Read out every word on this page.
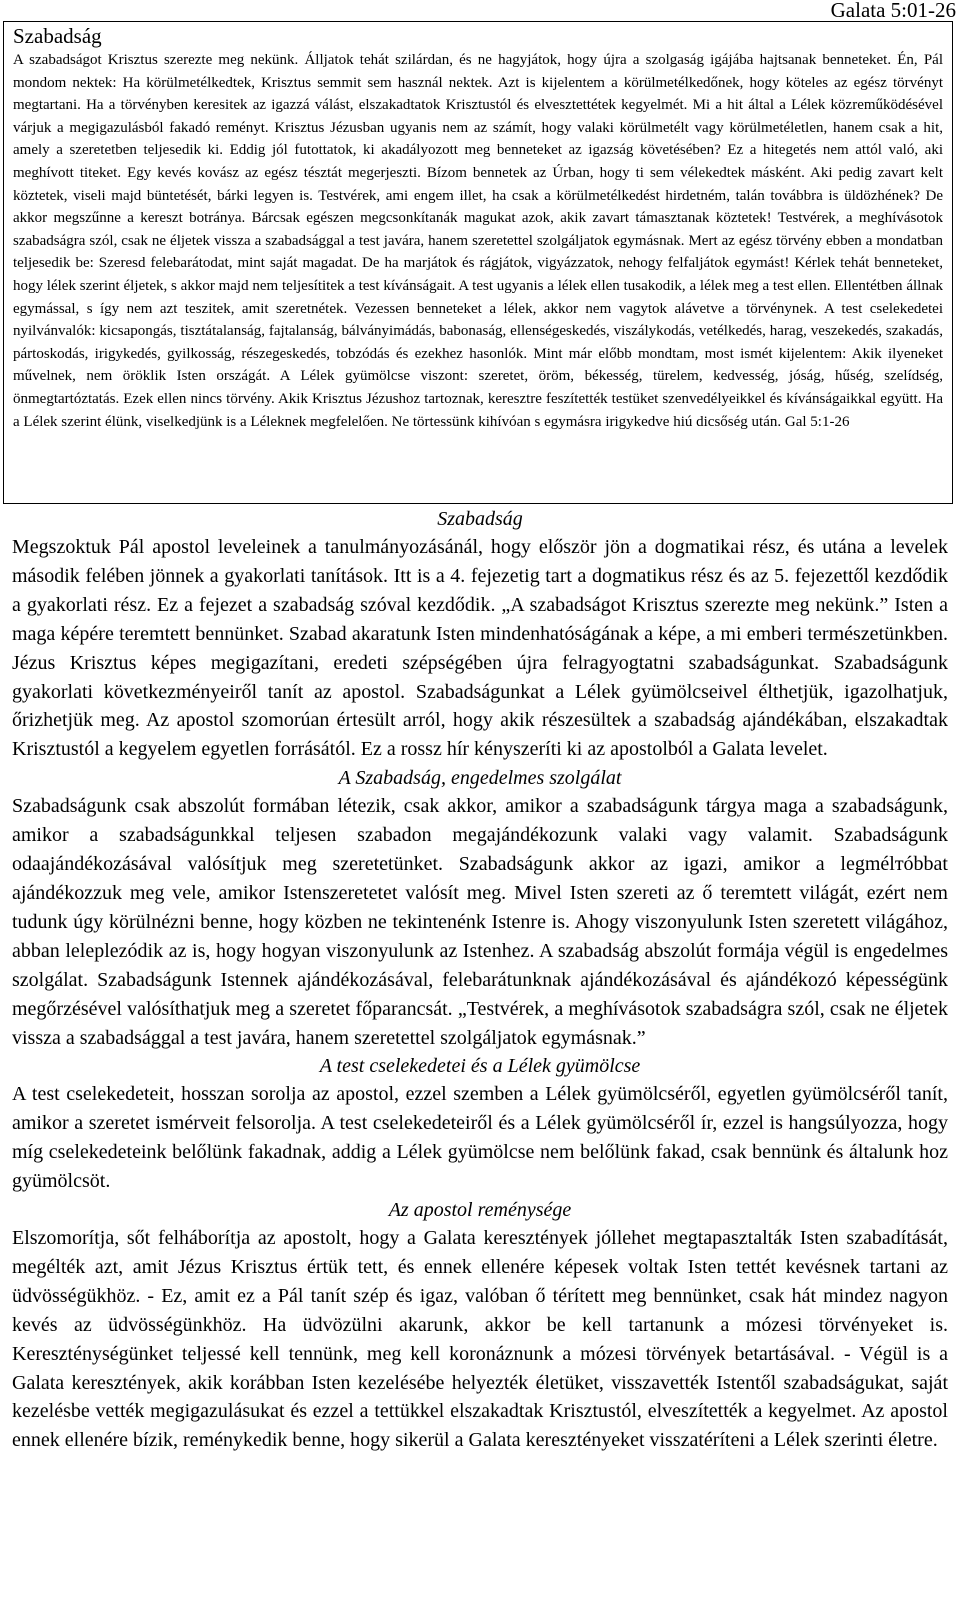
Galata 5:01-26
Szabadság

A szabadságot Krisztus szerezte meg nekünk. Álljatok tehát szilárdan, és ne hagyjátok, hogy újra a szolgaság igájába hajtsanak benneteket. Én, Pál mondom nektek: Ha körülmetélkedtek, Krisztus semmit sem használ nektek. Azt is kijelentem a körülmetélkedőnek, hogy köteles az egész törvényt megtartani. Ha a törvényben keresitek az igazzá válást, elszakadtatok Krisztustól és elvesztettétek kegyelmét. Mi a hit által a Lélek közreműködésével várjuk a megigazulásból fakadó reményt. Krisztus Jézusban ugyanis nem az számít, hogy valaki körülmetélt vagy körülmetéletlen, hanem csak a hit, amely a szeretetben teljesedik ki. Eddig jól futottatok, ki akadályozott meg benneteket az igazság követésében? Ez a hitegetés nem attól való, aki meghívott titeket. Egy kevés kovász az egész tésztát megerjeszti. Bízom bennetek az Úrban, hogy ti sem vélekedtek másként. Aki pedig zavart kelt köztetek, viseli majd büntetését, bárki legyen is. Testvérek, ami engem illet, ha csak a körülmetélkedést hirdetném, talán továbbra is üldözhének? De akkor megszűnne a kereszt botránya. Bárcsak egészen megcsonkítanák magukat azok, akik zavart támasztanak köztetek! Testvérek, a meghívásotok szabadságra szól, csak ne éljetek vissza a szabadsággal a test javára, hanem szeretettel szolgáljatok egymásnak. Mert az egész törvény ebben a mondatban teljesedik be: Szeresd felebarátodat, mint saját magadat. De ha marjátok és rágjátok, vigyázzatok, nehogy felfaljátok egymást! Kérlek tehát benneteket, hogy lélek szerint éljetek, s akkor majd nem teljesítitek a test kívánságait. A test ugyanis a lélek ellen tusakodik, a lélek meg a test ellen. Ellentétben állnak egymással, s így nem azt teszitek, amit szeretnétek. Vezessen benneteket a lélek, akkor nem vagytok alávetve a törvénynek. A test cselekedetei nyilvánvalók: kicsapongás, tisztátalanság, fajtalanság, bálványimádás, babonaság, ellenségeskedés, viszálykodás, vetélkedés, harag, veszekedés, szakadás, pártoskodás, irigykedés, gyilkosság, részegeskedés, tobzódás és ezekhez hasonlók. Mint már előbb mondtam, most ismét kijelentem: Akik ilyeneket művelnek, nem öröklik Isten országát. A Lélek gyümölcse viszont: szeretet, öröm, békesség, türelem, kedvesség, jóság, hűség, szelídség, önmegtartóztatás. Ezek ellen nincs törvény. Akik Krisztus Jézushoz tartoznak, keresztre feszítették testüket szenvedélyeikkel és kívánságaikkal együtt. Ha a Lélek szerint élünk, viselkedjünk is a Léleknek megfelelően. Ne törtessünk kihívóan s egymásra irigykedve hiú dicsőség után. Gal 5:1-26

Szabadság

Megszoktuk Pál apostol leveleinek a tanulmányozásánál, hogy először jön a dogmatikai rész, és utána a levelek második felében jönnek a gyakorlati tanítások. Itt is a 4. fejezetig tart a dogmatikus rész és az 5. fejezettől kezdődik a gyakorlati rész. Ez a fejezet a szabadság szóval kezdődik. „A szabadságot Krisztus szerezte meg nekünk.” Isten a maga képére teremtett bennünket. Szabad akaratunk Isten mindenhatóságának a képe, a mi emberi természetünkben. Jézus Krisztus képes megigazítani, eredeti szépségében újra felragyogtatni szabadságunkat. Szabadságunk gyakorlati következményeiről tanít az apostol. Szabadságunkat a Lélek gyümölcseivel élthetjük, igazolhatjuk, őrizhetjük meg. Az apostol szomorúan értesült arról, hogy akik részesültek a szabadság ajándékában, elszakadtak Krisztustól a kegyelem egyetlen forrásától. Ez a rossz hír kényszeríti ki az apostolból a Galata levelet.

A Szabadság, engedelmes szolgálat

Szabadságunk csak abszolút formában létezik, csak akkor, amikor a szabadságunk tárgya maga a szabadságunk, amikor a szabadságunkkal teljesen szabadon megajándékozunk valaki vagy valamit. Szabadságunk odaajándékozásával valósítjuk meg szeretetünket. Szabadságunk akkor az igazi, amikor a legmélтóbbat ajándékozzuk meg vele, amikor Istenszeretetet valósít meg. Mivel Isten szereti az ő teremtett világát, ezért nem tudunk úgy körülnézni benne, hogy közben ne tekintenénk Istenre is. Ahogy viszonyulunk Isten szeretett világához, abban leleplezódik az is, hogy hogyan viszonyulunk az Istenhez. A szabadság abszolút formája végül is engedelmes szolgálat. Szabadságunk Istennek ajándékozásával, felebarátunknak ajándékozásával és ajándékozó képességünk megőrzésével valósíthatjuk meg a szeretet főparancsát. „Testvérek, a meghívásotok szabadságra szól, csak ne éljetek vissza a szabadsággal a test javára, hanem szeretettel szolgáljatok egymásnak.”

A test cselekedetei és a Lélek gyümölcse

A test cselekedeteit, hosszan sorolja az apostol, ezzel szemben a Lélek gyümölcséről, egyetlen gyümölcséről tanít, amikor a szeretet ismérveit felsorolja. A test cselekedeteiről és a Lélek gyümölcséről ír, ezzel is hangsúlyozza, hogy míg cselekedeteink belőlünk fakadnak, addig a Lélek gyümölcse nem belőlünk fakad, csak bennünk és általunk hoz gyümölcsöt.

Az apostol reménysége

Elszomorítja, sőt felháborítja az apostolt, hogy a Galata keresztények jóllehet megtapasztalták Isten szabadítását, megélték azt, amit Jézus Krisztus értük tett, és ennek ellenére képesek voltak Isten tettét kevésnek tartani az üdvösségükhöz. - Ez, amit ez a Pál tanít szép és igaz, valóban ő térített meg bennünket, csak hát mindez nagyon kevés az üdvösségünkhöz. Ha üdvözülni akarunk, akkor be kell tartanunk a mózesi törvényeket is. Kereszténységünket teljessé kell tennünk, meg kell koronáznunk a mózesi törvények betartásával. - Végül is a Galata keresztények, akik korábban Isten kezelésébe helyezték életüket, visszavették Istentől szabadságukat, saját kezelésbe vették megigazulásukat és ezzel a tettükkel elszakadtak Krisztustól, elveszítették a kegyelmet. Az apostol ennek ellenére bízik, reménykedik benne, hogy sikerül a Galata keresztényeket visszatéríteni a Lélek szerinti életre.
